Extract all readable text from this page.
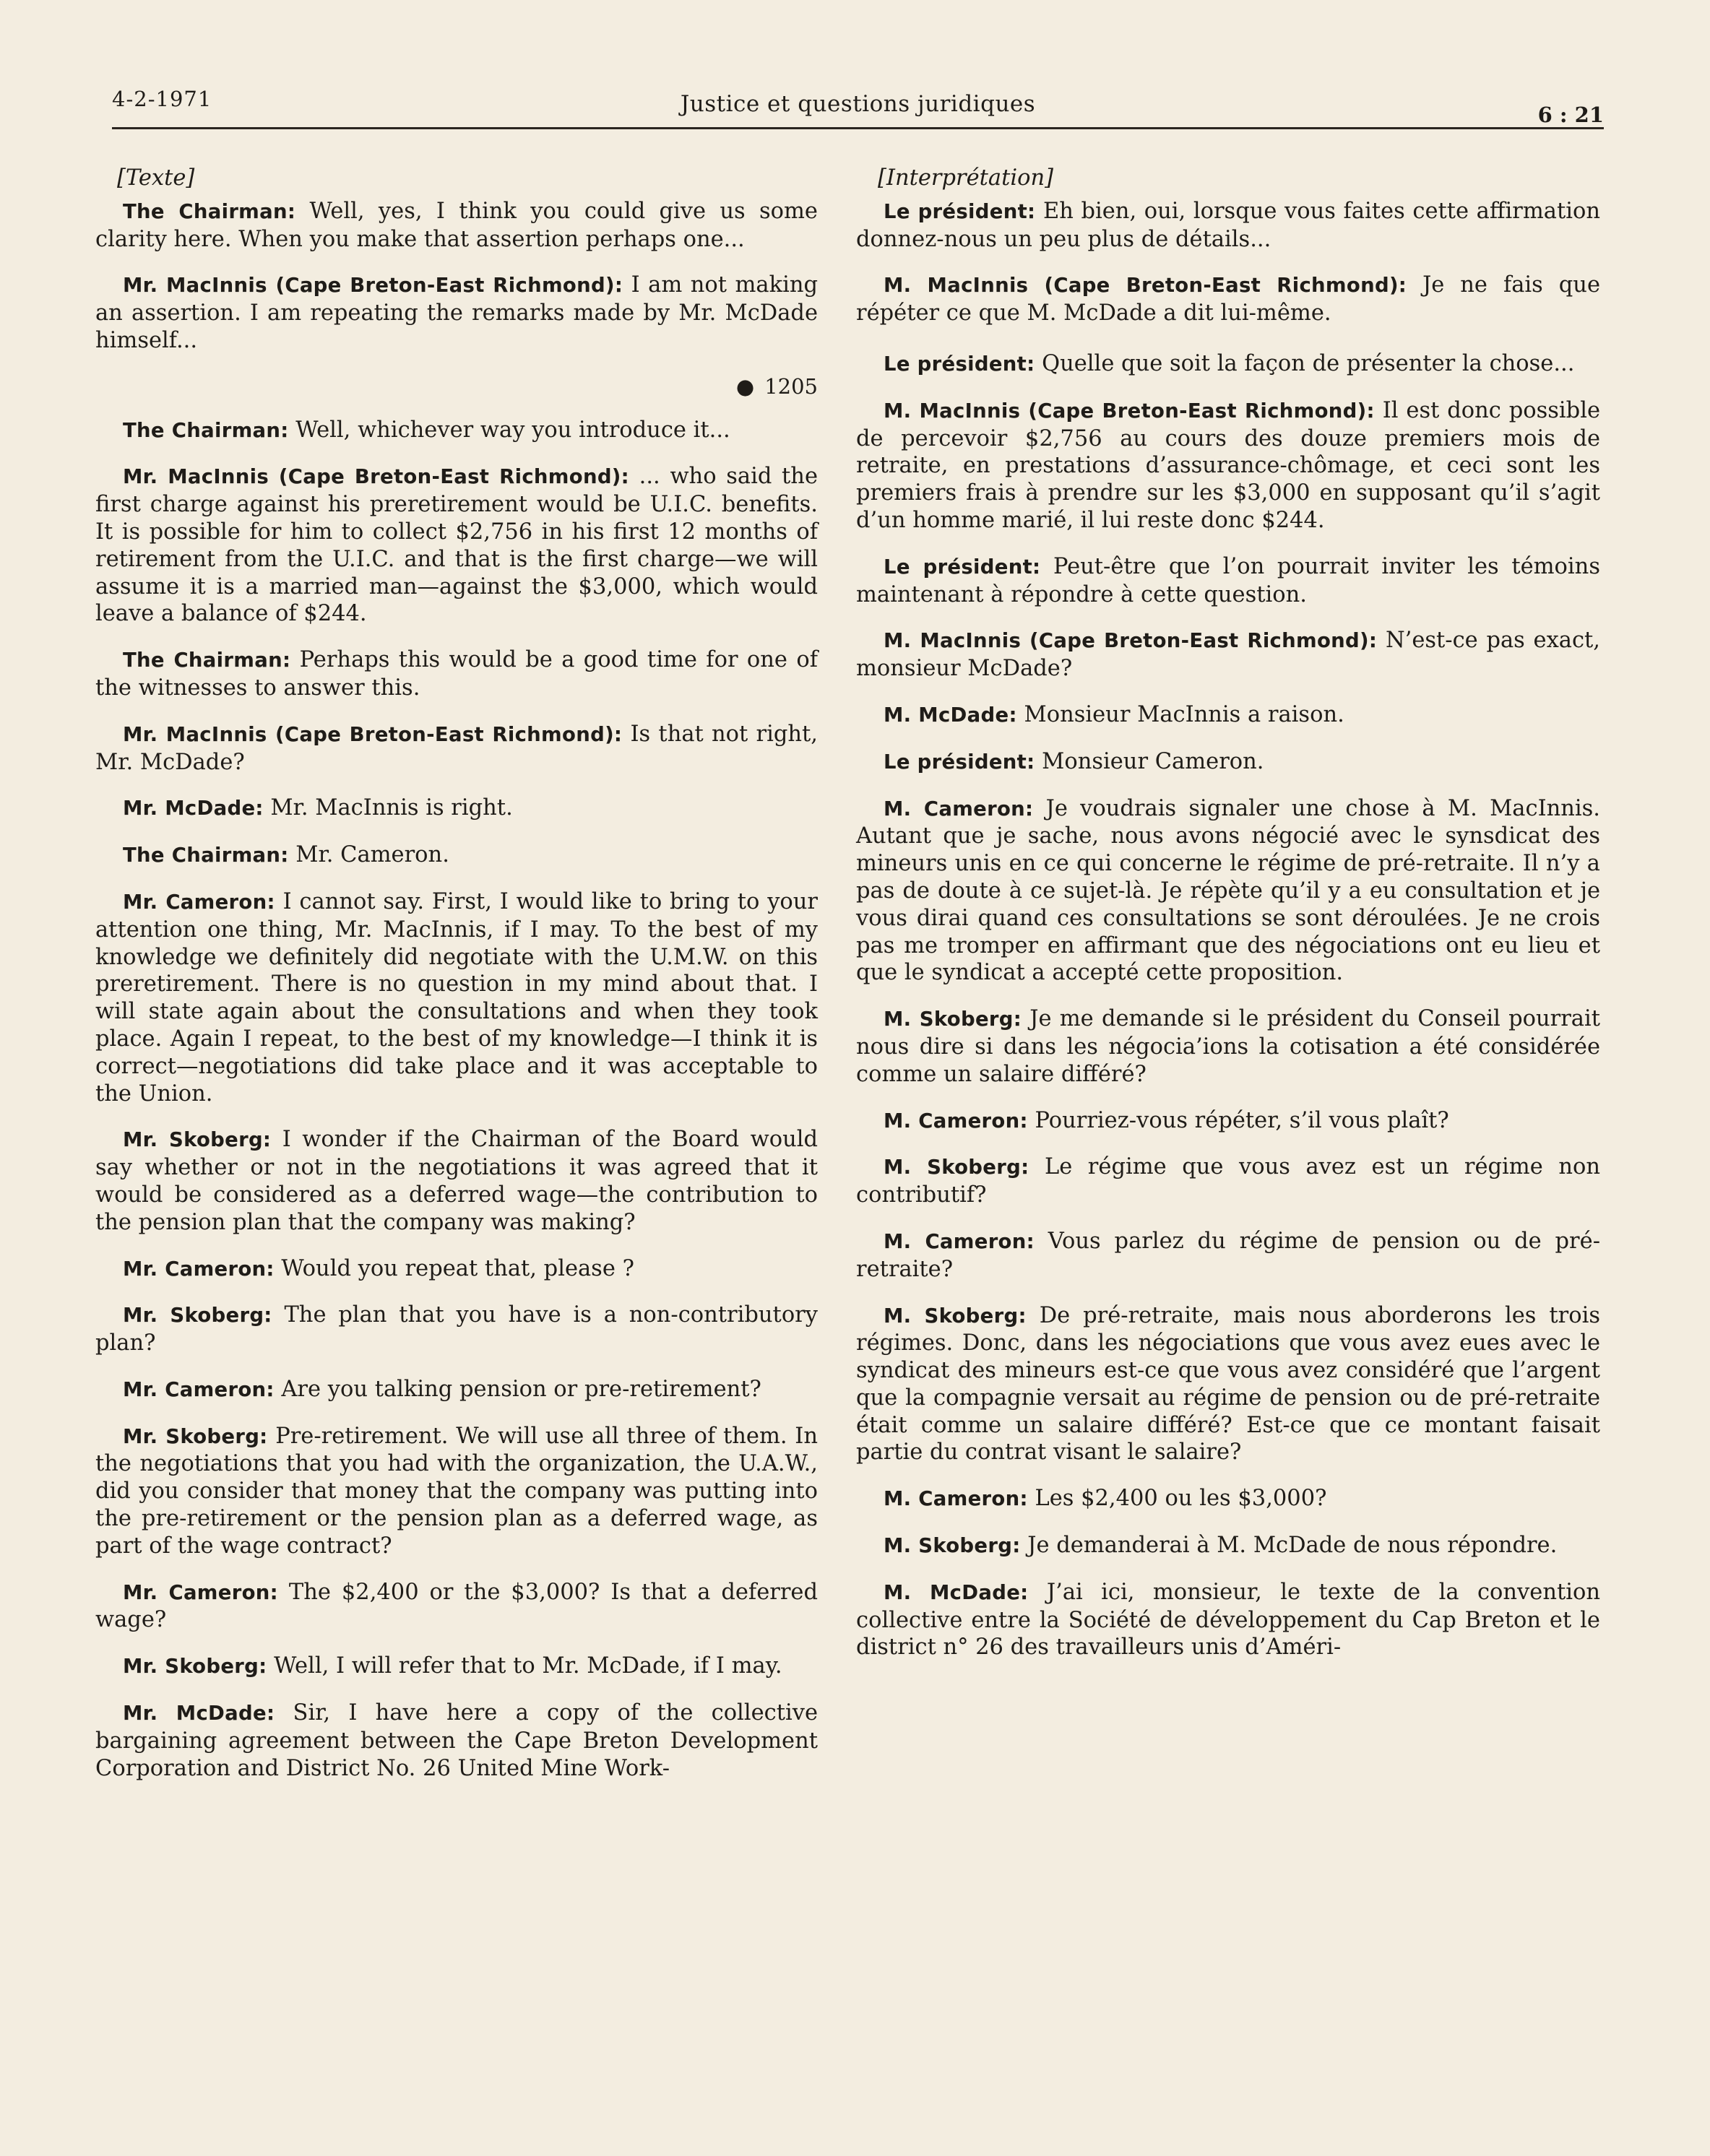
4-2-1971	Justice et questions juridiques	6 : 21

[Texte]

The Chairman: Well, yes, I think you could give us some clarity here. When you make that assertion perhaps one...

Mr. MacInnis (Cape Breton-East Richmond): I am not making an assertion. I am repeating the remarks made by Mr. McDade himself...

● 1205

The Chairman: Well, whichever way you introduce it...

Mr. MacInnis (Cape Breton-East Richmond): ... who said the first charge against his preretirement would be U.I.C. benefits. It is possible for him to collect $2,756 in his first 12 months of retirement from the U.I.C. and that is the first charge—we will assume it is a married man—against the $3,000, which would leave a balance of $244.

The Chairman: Perhaps this would be a good time for one of the witnesses to answer this.

Mr. MacInnis (Cape Breton-East Richmond): Is that not right, Mr. McDade?

Mr. McDade: Mr. MacInnis is right.

The Chairman: Mr. Cameron.

Mr. Cameron: I cannot say. First, I would like to bring to your attention one thing, Mr. MacInnis, if I may. To the best of my knowledge we definitely did negotiate with the U.M.W. on this preretirement. There is no question in my mind about that. I will state again about the consultations and when they took place. Again I repeat, to the best of my knowledge—I think it is correct—negotiations did take place and it was acceptable to the Union.

Mr. Skoberg: I wonder if the Chairman of the Board would say whether or not in the negotiations it was agreed that it would be considered as a deferred wage—the contribution to the pension plan that the company was making?

Mr. Cameron: Would you repeat that, please ?

Mr. Skoberg: The plan that you have is a non-contributory plan?

Mr. Cameron: Are you talking pension or pre-retirement?

Mr. Skoberg: Pre-retirement. We will use all three of them. In the negotiations that you had with the organization, the U.A.W., did you consider that money that the company was putting into the pre-retirement or the pension plan as a deferred wage, as part of the wage contract?

Mr. Cameron: The $2,400 or the $3,000? Is that a deferred wage?

Mr. Skoberg: Well, I will refer that to Mr. McDade, if I may.

Mr. McDade: Sir, I have here a copy of the collective bargaining agreement between the Cape Breton Development Corporation and District No. 26 United Mine Work-

[Interprétation]

Le président: Eh bien, oui, lorsque vous faites cette affirmation donnez-nous un peu plus de détails...

M. MacInnis (Cape Breton-East Richmond): Je ne fais que répéter ce que M. McDade a dit lui-même.

Le président: Quelle que soit la façon de présenter la chose...

M. MacInnis (Cape Breton-East Richmond): Il est donc possible de percevoir $2,756 au cours des douze premiers mois de retraite, en prestations d’assurance-chômage, et ceci sont les premiers frais à prendre sur les $3,000 en supposant qu’il s’agit d’un homme marié, il lui reste donc $244.

Le président: Peut-être que l’on pourrait inviter les témoins maintenant à répondre à cette question.

M. MacInnis (Cape Breton-East Richmond): N’est-ce pas exact, monsieur McDade?

M. McDade: Monsieur MacInnis a raison.

Le président: Monsieur Cameron.

M. Cameron: Je voudrais signaler une chose à M. MacInnis. Autant que je sache, nous avons négocié avec le synsdicat des mineurs unis en ce qui concerne le régime de pré-retraite. Il n’y a pas de doute à ce sujet-là. Je répète qu’il y a eu consultation et je vous dirai quand ces consultations se sont déroulées. Je ne crois pas me tromper en affirmant que des négociations ont eu lieu et que le syndicat a accepté cette proposition.

M. Skoberg: Je me demande si le président du Conseil pourrait nous dire si dans les négocia’ions la cotisation a été considérée comme un salaire différé?

M. Cameron: Pourriez-vous répéter, s’il vous plaît?

M. Skoberg: Le régime que vous avez est un régime non contributif?

M. Cameron: Vous parlez du régime de pension ou de pré-retraite?

M. Skoberg: De pré-retraite, mais nous aborderons les trois régimes. Donc, dans les négociations que vous avez eues avec le syndicat des mineurs est-ce que vous avez considéré que l’argent que la compagnie versait au régime de pension ou de pré-retraite était comme un salaire différé? Est-ce que ce montant faisait partie du contrat visant le salaire?

M. Cameron: Les $2,400 ou les $3,000?

M. Skoberg: Je demanderai à M. McDade de nous répondre.

M. McDade: J’ai ici, monsieur, le texte de la convention collective entre la Société de développement du Cap Breton et le district n° 26 des travailleurs unis d’Améri-
